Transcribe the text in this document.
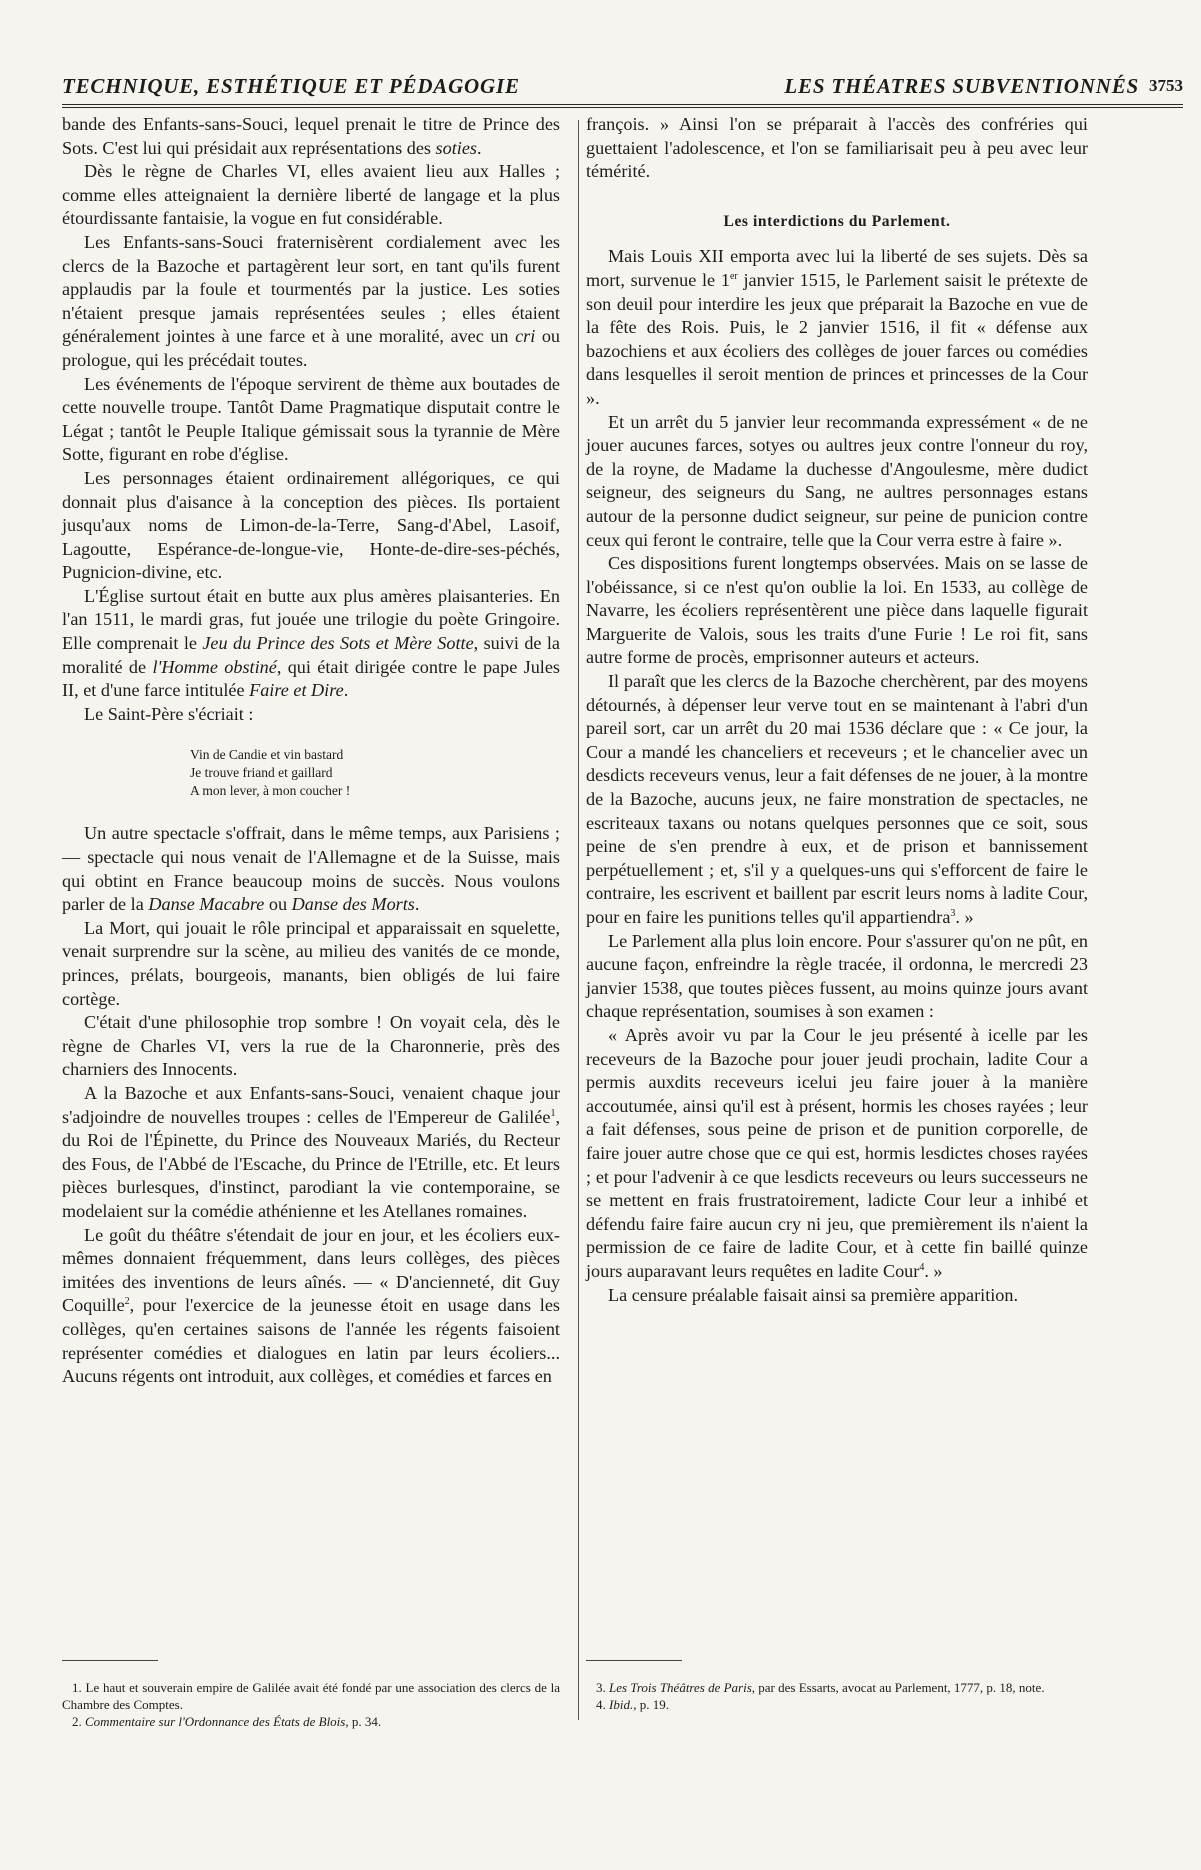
TECHNIQUE, ESTHÉTIQUE ET PÉDAGOGIE	LES THÉATRES SUBVENTIONNÉS 3753

bande des Enfants-sans-Souci, lequel prenait le titre de Prince des Sots. C'est lui qui présidait aux représentations des soties.

Dès le règne de Charles VI, elles avaient lieu aux Halles ; comme elles atteignaient la dernière liberté de langage et la plus étourdissante fantaisie, la vogue en fut considérable.

Les Enfants-sans-Souci fraternisèrent cordialement avec les clercs de la Bazoche et partagèrent leur sort, en tant qu'ils furent applaudis par la foule et tourmentés par la justice. Les soties n'étaient presque jamais représentées seules ; elles étaient généralement jointes à une farce et à une moralité, avec un cri ou prologue, qui les précédait toutes.

Les événements de l'époque servirent de thème aux boutades de cette nouvelle troupe. Tantôt Dame Pragmatique disputait contre le Légat ; tantôt le Peuple Italique gémissait sous la tyrannie de Mère Sotte, figurant en robe d'église.

Les personnages étaient ordinairement allégoriques, ce qui donnait plus d'aisance à la conception des pièces. Ils portaient jusqu'aux noms de Limon-de-la-Terre, Sang-d'Abel, Lasoif, Lagoutte, Espérance-de-longue-vie, Honte-de-dire-ses-péchés, Pugnicion-divine, etc.

L'Église surtout était en butte aux plus amères plaisanteries. En l'an 1511, le mardi gras, fut jouée une trilogie du poète Gringoire. Elle comprenait le Jeu du Prince des Sots et Mère Sotte, suivi de la moralité de l'Homme obstiné, qui était dirigée contre le pape Jules II, et d'une farce intitulée Faire et Dire.

Le Saint-Père s'écriait :

Vin de Candie et vin bastard
Je trouve friand et gaillard
A mon lever, à mon coucher !

Un autre spectacle s'offrait, dans le même temps, aux Parisiens ; — spectacle qui nous venait de l'Allemagne et de la Suisse, mais qui obtint en France beaucoup moins de succès. Nous voulons parler de la Danse Macabre ou Danse des Morts.

La Mort, qui jouait le rôle principal et apparaissait en squelette, venait surprendre sur la scène, au milieu des vanités de ce monde, princes, prélats, bourgeois, manants, bien obligés de lui faire cortège.

C'était d'une philosophie trop sombre ! On voyait cela, dès le règne de Charles VI, vers la rue de la Charonnerie, près des charniers des Innocents.

A la Bazoche et aux Enfants-sans-Souci, venaient chaque jour s'adjoindre de nouvelles troupes : celles de l'Empereur de Galilée$^1$, du Roi de l'Épinette, du Prince des Nouveaux Mariés, du Recteur des Fous, de l'Abbé de l'Escache, du Prince de l'Etrille, etc. Et leurs pièces burlesques, d'instinct, parodiant la vie contemporaine, se modelaient sur la comédie athénienne et les Atellanes romaines.

Le goût du théâtre s'étendait de jour en jour, et les écoliers eux-mêmes donnaient fréquemment, dans leurs collèges, des pièces imitées des inventions de leurs aînés. — « D'ancienneté, dit Guy Coquille$^2$, pour l'exercice de la jeunesse étoit en usage dans les collèges, qu'en certaines saisons de l'année les régents faisoient représenter comédies et dialogues en latin par leurs écoliers... Aucuns régents ont introduit, aux collèges, et comédies et farces en

françois. » Ainsi l'on se préparait à l'accès des confréries qui guettaient l'adolescence, et l'on se familiarisait peu à peu avec leur témérité.

Les interdictions du Parlement.

Mais Louis XII emporta avec lui la liberté de ses sujets. Dès sa mort, survenue le 1er janvier 1515, le Parlement saisit le prétexte de son deuil pour interdire les jeux que préparait la Bazoche en vue de la fête des Rois. Puis, le 2 janvier 1516, il fit « défense aux bazochiens et aux écoliers des collèges de jouer farces ou comédies dans lesquelles il seroit mention de princes et princesses de la Cour ».

Et un arrêt du 5 janvier leur recommanda expressément « de ne jouer aucunes farces, sotyes ou aultres jeux contre l'onneur du roy, de la royne, de Madame la duchesse d'Angoulesme, mère dudict seigneur, des seigneurs du Sang, ne aultres personnages estans autour de la personne dudict seigneur, sur peine de punicion contre ceux qui feront le contraire, telle que la Cour verra estre à faire ».

Ces dispositions furent longtemps observées. Mais on se lasse de l'obéissance, si ce n'est qu'on oublie la loi. En 1533, au collège de Navarre, les écoliers représentèrent une pièce dans laquelle figurait Marguerite de Valois, sous les traits d'une Furie ! Le roi fit, sans autre forme de procès, emprisonner auteurs et acteurs.

Il paraît que les clercs de la Bazoche cherchèrent, par des moyens détournés, à dépenser leur verve tout en se maintenant à l'abri d'un pareil sort, car un arrêt du 20 mai 1536 déclare que : « Ce jour, la Cour a mandé les chanceliers et receveurs ; et le chancelier avec un desdicts receveurs venus, leur a fait défenses de ne jouer, à la montre de la Bazoche, aucuns jeux, ne faire monstration de spectacles, ne escriteaux taxans ou notans quelques personnes que ce soit, sous peine de s'en prendre à eux, et de prison et bannissement perpétuellement ; et, s'il y a quelques-uns qui s'efforcent de faire le contraire, les escrivent et baillent par escrit leurs noms à ladite Cour, pour en faire les punitions telles qu'il appartiendra$^3$. »

Le Parlement alla plus loin encore. Pour s'assurer qu'on ne pût, en aucune façon, enfreindre la règle tracée, il ordonna, le mercredi 23 janvier 1538, que toutes pièces fussent, au moins quinze jours avant chaque représentation, soumises à son examen :

« Après avoir vu par la Cour le jeu présenté à icelle par les receveurs de la Bazoche pour jouer jeudi prochain, ladite Cour a permis auxdits receveurs icelui jeu faire jouer à la manière accoutumée, ainsi qu'il est à présent, hormis les choses rayées ; leur a fait défenses, sous peine de prison et de punition corporelle, de faire jouer autre chose que ce qui est, hormis lesdictes choses rayées ; et pour l'advenir à ce que lesdicts receveurs ou leurs successeurs ne se mettent en frais frustratoirement, ladicte Cour leur a inhibé et défendu faire faire aucun cry ni jeu, que premièrement ils n'aient la permission de ce faire de ladite Cour, et à cette fin baillé quinze jours auparavant leurs requêtes en ladite Cour$^4$. »

La censure préalable faisait ainsi sa première apparition.

1. Le haut et souverain empire de Galilée avait été fondé par une association des clercs de la Chambre des Comptes.

2. Commentaire sur l'Ordonnance des États de Blois, p. 34.

3. Les Trois Théâtres de Paris, par des Essarts, avocat au Parlement, 1777, p. 18, note.

4. Ibid., p. 19.
